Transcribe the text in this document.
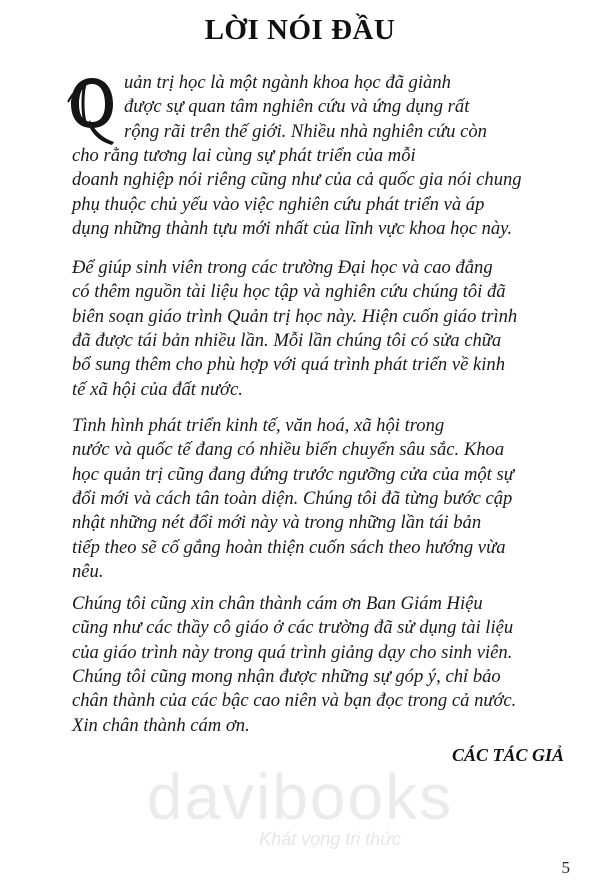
LỜI NÓI ĐẦU
uản trị học là một ngành khoa học đã giành
được sự quan tâm nghiên cứu và ứng dụng rất
rộng rãi trên thế giới. Nhiều nhà nghiên cứu còn
cho rằng tương lai cùng sự phát triển của mỗi
doanh nghiệp nói riêng cũng như của cả quốc gia nói chung
phụ thuộc chủ yếu vào việc nghiên cứu phát triển và áp
dụng những thành tựu mới nhất của lĩnh vực khoa học này.
Để giúp sinh viên trong các trường Đại học và cao đẳng
có thêm nguồn tài liệu học tập và nghiên cứu chúng tôi đã
biên soạn giáo trình Quản trị học này. Hiện cuốn giáo trình
đã được tái bản nhiều lần. Mỗi lần chúng tôi có sửa chữa
bổ sung thêm cho phù hợp với quá trình phát triển về kinh
tế xã hội của đất nước.
Tình hình phát triển kinh tế, văn hoá, xã hội trong
nước và quốc tế đang có nhiều biến chuyển sâu sắc. Khoa
học quản trị cũng đang đứng trước ngưỡng cửa của một sự
đổi mới và cách tân toàn diện. Chúng tôi đã từng bước cập
nhật những nét đổi mới này và trong những lần tái bản
tiếp theo sẽ cố gắng hoàn thiện cuốn sách theo hướng vừa
nêu.
Chúng tôi cũng xin chân thành cám ơn Ban Giám Hiệu
cũng như các thầy cô giáo ở các trường đã sử dụng tài liệu
của giáo trình này trong quá trình giảng dạy cho sinh viên.
Chúng tôi cũng mong nhận được những sự góp ý, chỉ bảo
chân thành của các bậc cao niên và bạn đọc trong cả nước.
Xin chân thành cám ơn.
CÁC TÁC GIẢ
davibooks
Khát vọng tri thức
5
